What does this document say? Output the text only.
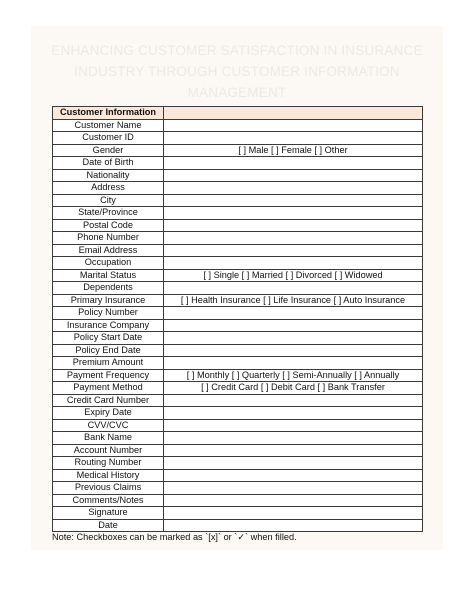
ENHANCING CUSTOMER SATISFACTION IN INSURANCE
INDUSTRY THROUGH CUSTOMER INFORMATION MANAGEMENT
Customer Information	
Customer Name	
Customer ID	
Gender	[ ] Male [ ] Female [ ] Other
Date of Birth	
Nationality	
Address	
City	
State/Province	
Postal Code	
Phone Number	
Email Address	
Occupation	
Marital Status	[ ] Single [ ] Married [ ] Divorced [ ] Widowed
Dependents	
Primary Insurance	[ ] Health Insurance [ ] Life Insurance [ ] Auto Insurance
Policy Number	
Insurance Company	
Policy Start Date	
Policy End Date	
Premium Amount	
Payment Frequency	[ ] Monthly [ ] Quarterly [ ] Semi-Annually [ ] Annually
Payment Method	[ ] Credit Card [ ] Debit Card [ ] Bank Transfer
Credit Card Number	
Expiry Date	
CVV/CVC	
Bank Name	
Account Number	
Routing Number	
Medical History	
Previous Claims	
Comments/Notes	
Signature	
Date	
Note: Checkboxes can be marked as `[x]` or `✓` when filled.
